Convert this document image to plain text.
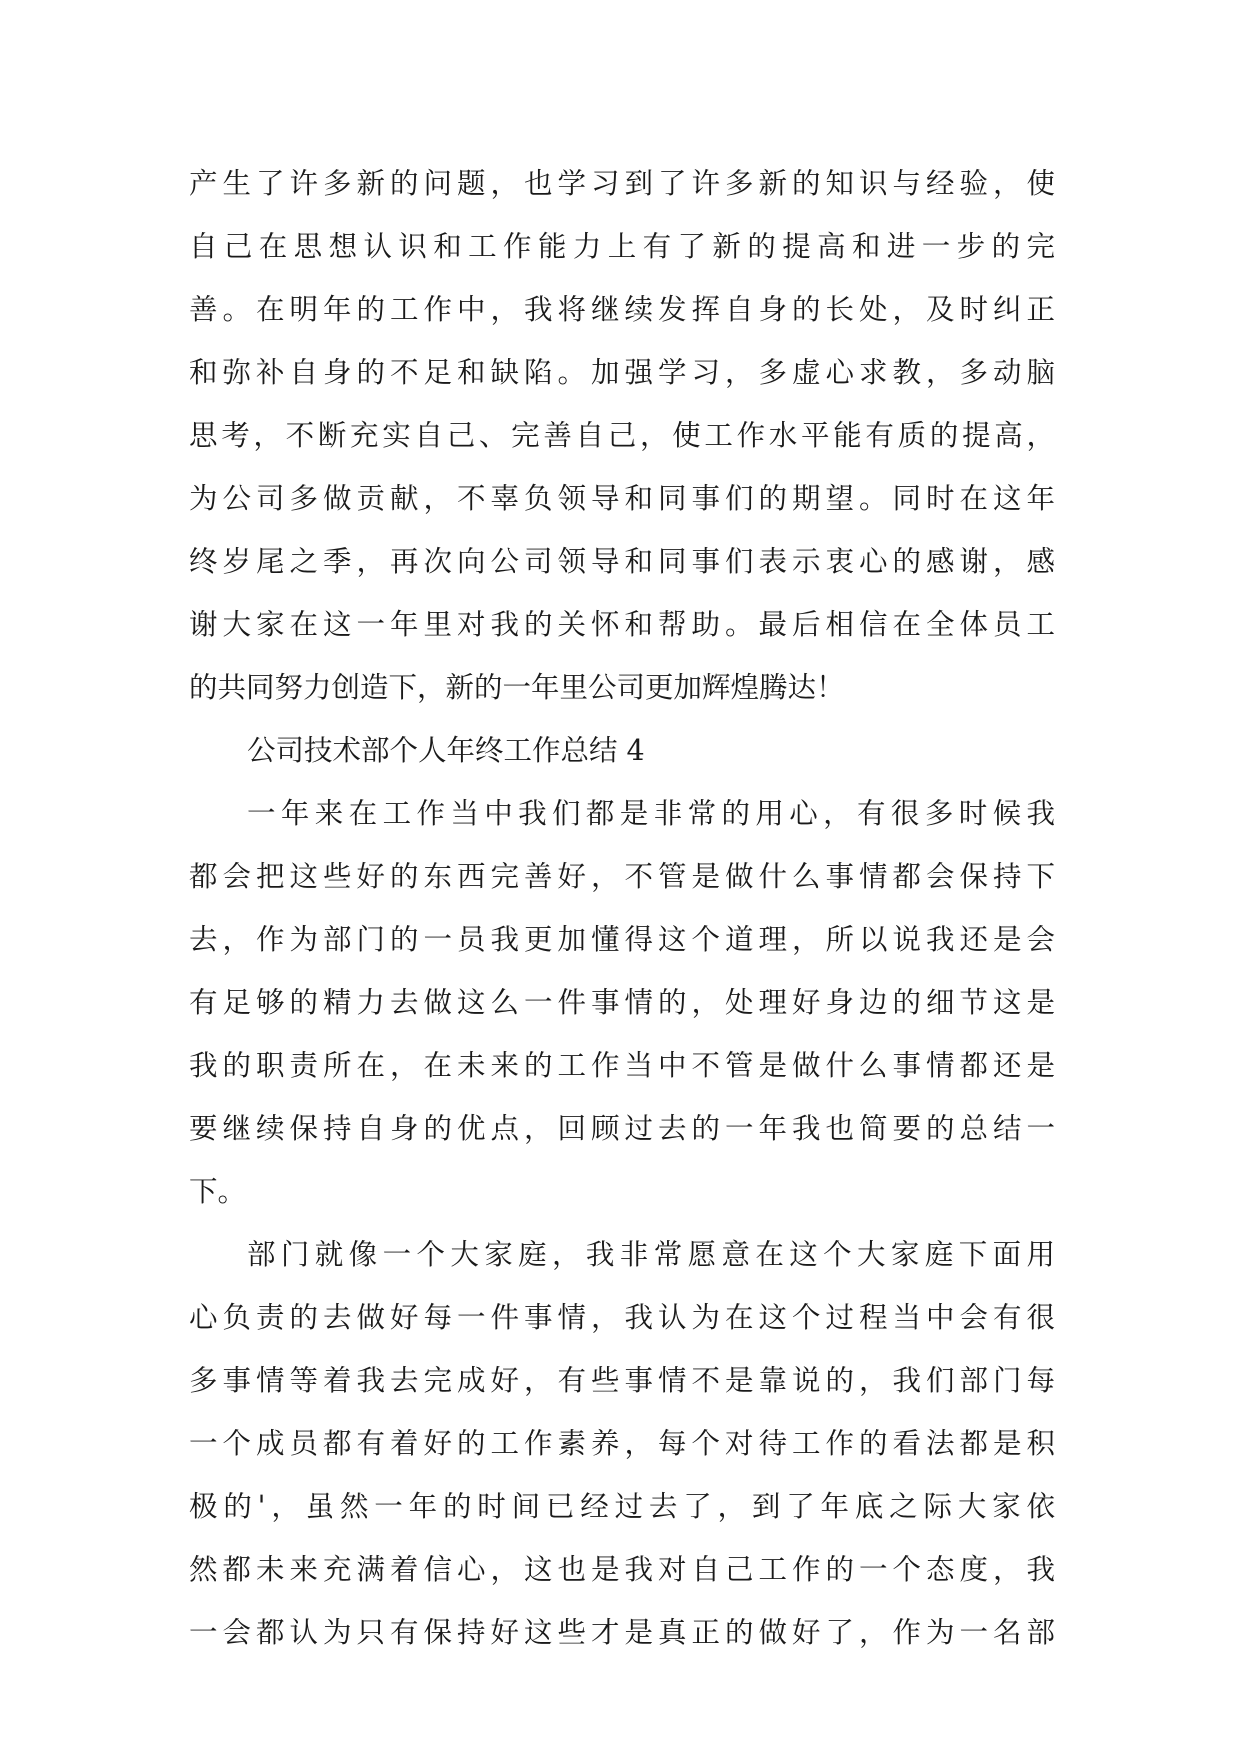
产生了许多新的问题，也学习到了许多新的知识与经验，使
自己在思想认识和工作能力上有了新的提高和进一步的完
善。在明年的工作中，我将继续发挥自身的长处，及时纠正
和弥补自身的不足和缺陷。加强学习，多虚心求教，多动脑
思考，不断充实自己、完善自己，使工作水平能有质的提高，
为公司多做贡献，不辜负领导和同事们的期望。同时在这年
终岁尾之季，再次向公司领导和同事们表示衷心的感谢，感
谢大家在这一年里对我的关怀和帮助。最后相信在全体员工
的共同努力创造下，新的一年里公司更加辉煌腾达！
公司技术部个人年终工作总结 4
一年来在工作当中我们都是非常的用心，有很多时候我
都会把这些好的东西完善好，不管是做什么事情都会保持下
去，作为部门的一员我更加懂得这个道理，所以说我还是会
有足够的精力去做这么一件事情的，处理好身边的细节这是
我的职责所在，在未来的工作当中不管是做什么事情都还是
要继续保持自身的优点，回顾过去的一年我也简要的总结一
下。
部门就像一个大家庭，我非常愿意在这个大家庭下面用
心负责的去做好每一件事情，我认为在这个过程当中会有很
多事情等着我去完成好，有些事情不是靠说的，我们部门每
一个成员都有着好的工作素养，每个对待工作的看法都是积
极的'，虽然一年的时间已经过去了，到了年底之际大家依
然都未来充满着信心，这也是我对自己工作的一个态度，我
一会都认为只有保持好这些才是真正的做好了，作为一名部
